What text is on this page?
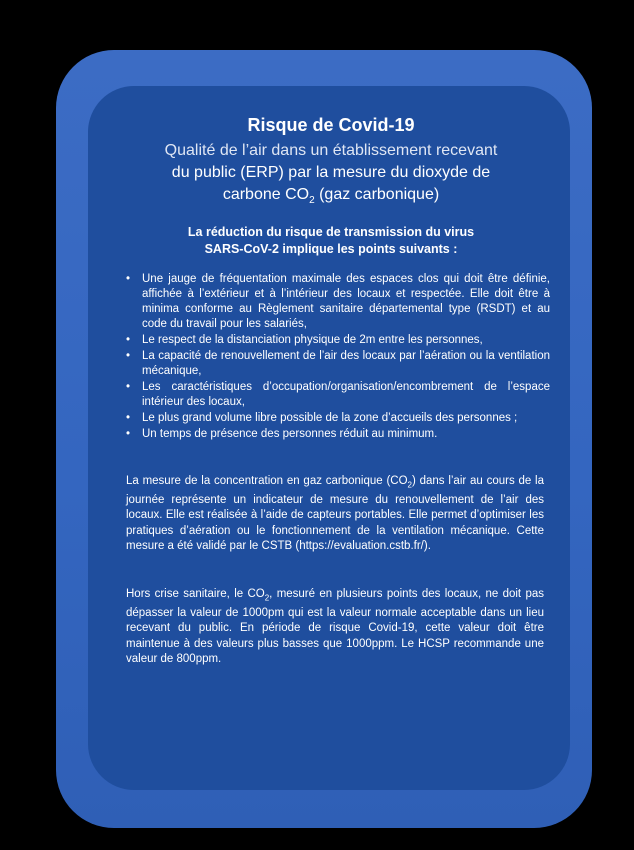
Risque de Covid-19
Qualité de l’air dans un établissement recevant
du public (ERP) par la mesure du dioxyde de
carbone $CO_2$ (gaz carbonique)
La réduction du risque de transmission du virus
SARS-CoV-2 implique les points suivants :
• Une jauge de fréquentation maximale des espaces clos qui doit être définie, affichée à l’extérieur et à l’intérieur des locaux et respectée. Elle doit être à minima conforme au Règlement sanitaire départemental type (RSDT) et au code du travail pour les salariés,
• Le respect de la distanciation physique de 2m entre les personnes,
• La capacité de renouvellement de l’air des locaux par l’aération ou la ventilation mécanique,
• Les caractéristiques d’occupation/organisation/encombrement de l’espace intérieur des locaux,
• Le plus grand volume libre possible de la zone d’accueils des personnes ;
• Un temps de présence des personnes réduit au minimum.

La mesure de la concentration en gaz carbonique $(CO_2)$ dans l’air au cours de la journée représente un indicateur de mesure du renouvellement de l’air des locaux. Elle est réalisée à l’aide de capteurs portables. Elle permet d’optimiser les pratiques d’aération ou le fonctionnement de la ventilation mécanique. Cette mesure a été validé par le CSTB (https://evaluation.cstb.fr/).

Hors crise sanitaire, le $CO_2$, mesuré en plusieurs points des locaux, ne doit pas dépasser la valeur de 1000pm qui est la valeur normale acceptable dans un lieu recevant du public. En période de risque Covid-19, cette valeur doit être maintenue à des valeurs plus basses que 1000ppm. Le HCSP recommande une valeur de 800ppm.
